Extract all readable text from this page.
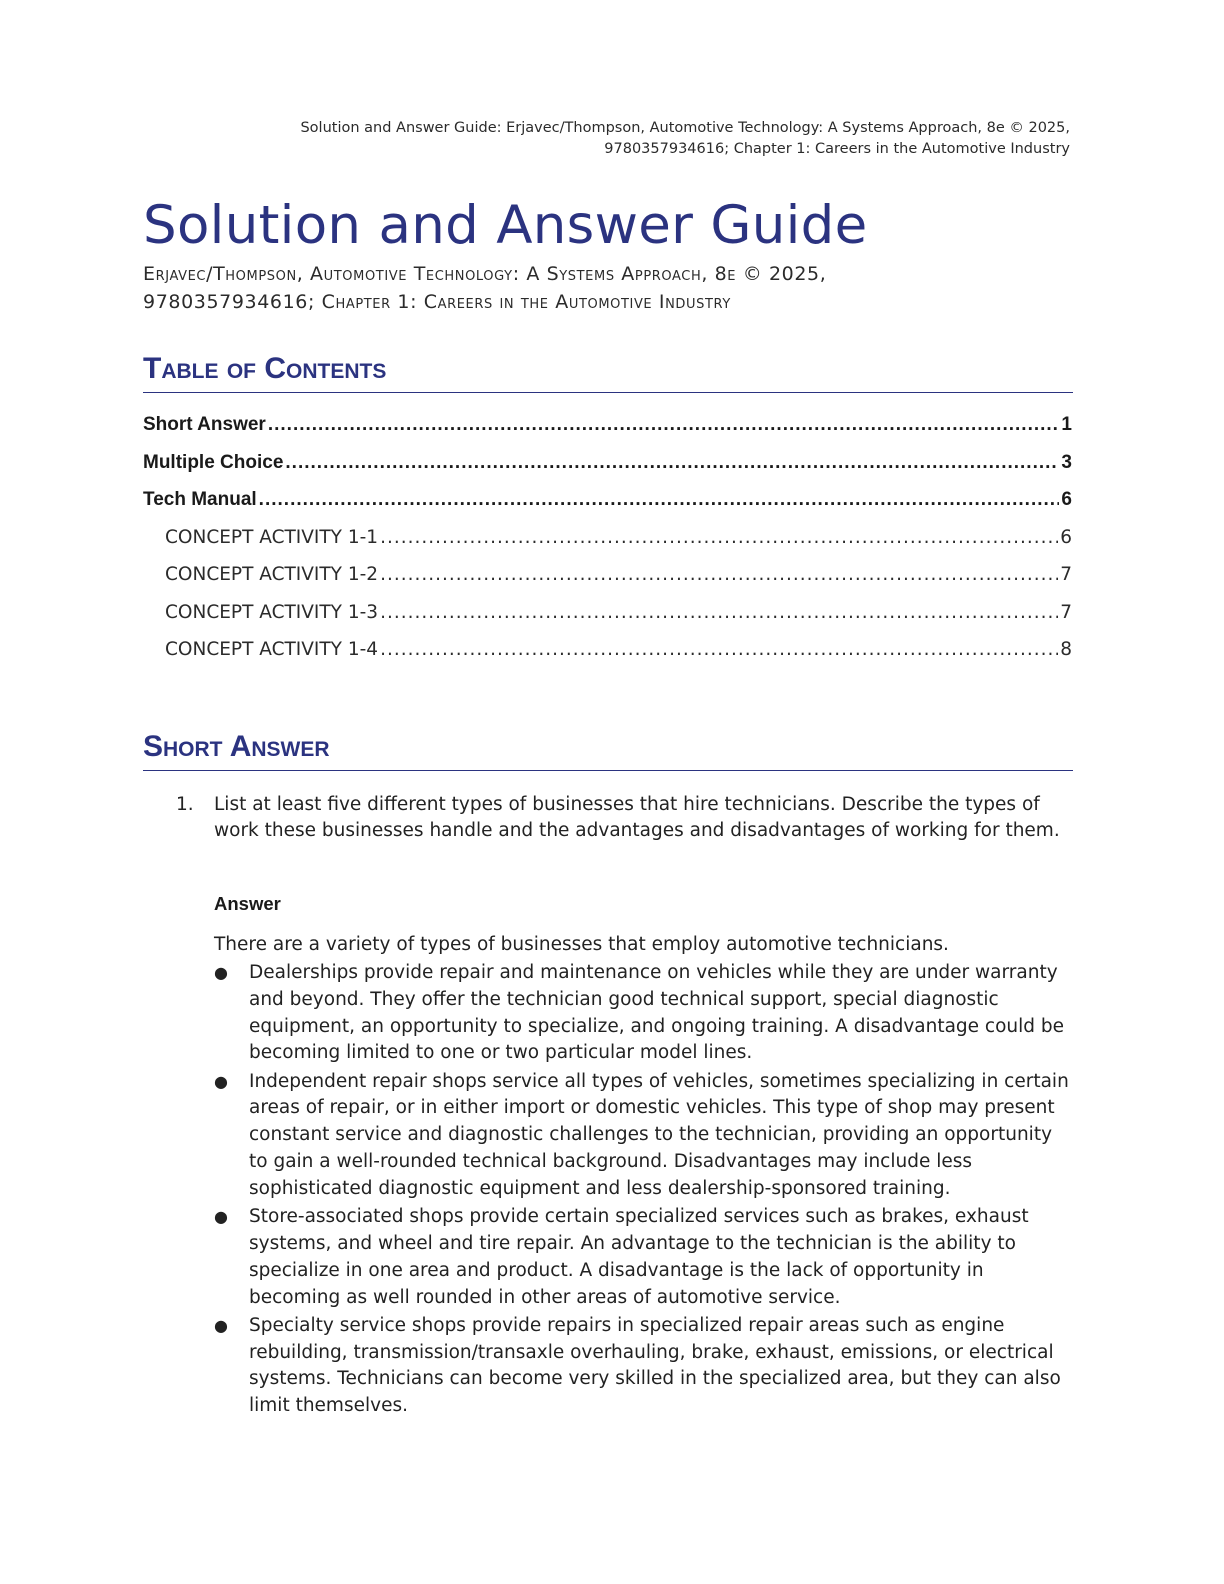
Solution and Answer Guide: Erjavec/Thompson, Automotive Technology: A Systems Approach, 8e © 2025,
9780357934616; Chapter 1: Careers in the Automotive Industry
Solution and Answer Guide
Erjavec/Thompson, Automotive Technology: A Systems Approach, 8e © 2025,
9780357934616; Chapter 1: Careers in the Automotive Industry
Table of Contents
Short Answer .....	1
Multiple Choice .....	3
Tech Manual .....	6
CONCEPT ACTIVITY 1-1 .....	6
CONCEPT ACTIVITY 1-2 .....	7
CONCEPT ACTIVITY 1-3 .....	7
CONCEPT ACTIVITY 1-4 .....	8
Short Answer
1. List at least five different types of businesses that hire technicians. Describe the types of work these businesses handle and the advantages and disadvantages of working for them.
Answer
There are a variety of types of businesses that employ automotive technicians.
● Dealerships provide repair and maintenance on vehicles while they are under warranty and beyond. They offer the technician good technical support, special diagnostic equipment, an opportunity to specialize, and ongoing training. A disadvantage could be becoming limited to one or two particular model lines.
● Independent repair shops service all types of vehicles, sometimes specializing in certain areas of repair, or in either import or domestic vehicles. This type of shop may present constant service and diagnostic challenges to the technician, providing an opportunity to gain a well-rounded technical background. Disadvantages may include less sophisticated diagnostic equipment and less dealership-sponsored training.
● Store-associated shops provide certain specialized services such as brakes, exhaust systems, and wheel and tire repair. An advantage to the technician is the ability to specialize in one area and product. A disadvantage is the lack of opportunity in becoming as well rounded in other areas of automotive service.
● Specialty service shops provide repairs in specialized repair areas such as engine rebuilding, transmission/transaxle overhauling, brake, exhaust, emissions, or electrical systems. Technicians can become very skilled in the specialized area, but they can also limit themselves.
